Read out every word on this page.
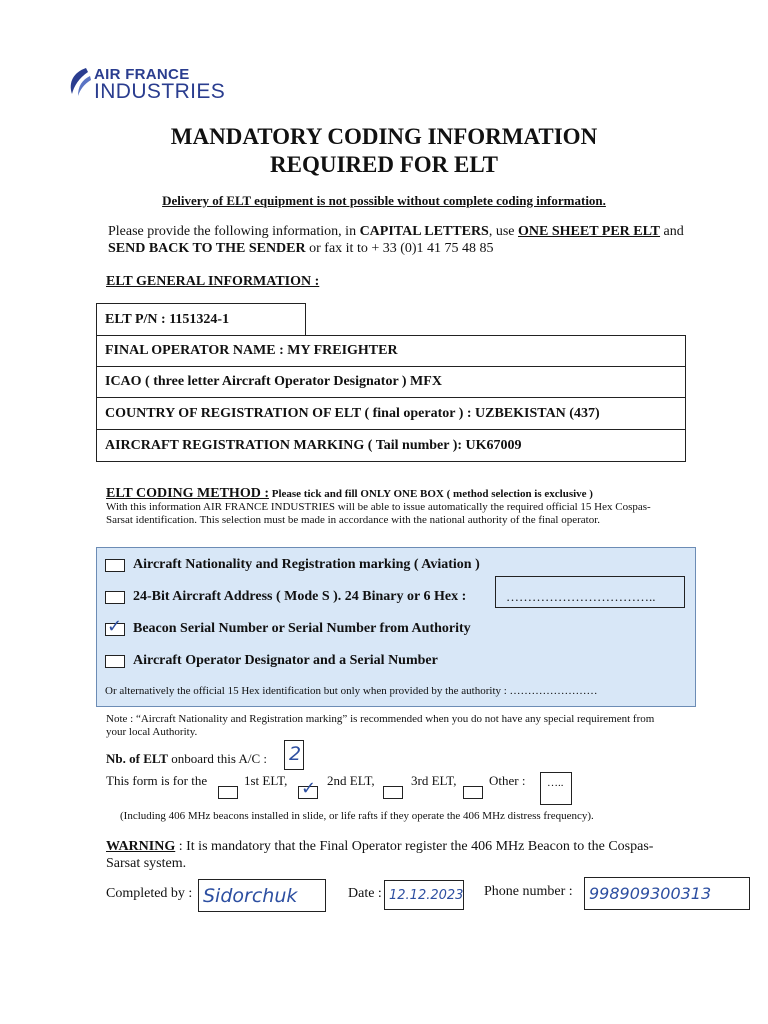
AIR FRANCE
INDUSTRIES
MANDATORY CODING INFORMATION
REQUIRED FOR ELT
Delivery of ELT equipment is not possible without complete coding information.
Please provide the following information, in CAPITAL LETTERS, use ONE SHEET PER ELT and SEND BACK TO THE SENDER or fax it to + 33 (0)1 41 75 48 85
ELT GENERAL INFORMATION :
ELT P/N : 1151324-1
FINAL OPERATOR NAME : MY FREIGHTER
ICAO ( three letter Aircraft Operator Designator ) MFX
COUNTRY OF REGISTRATION OF ELT ( final operator ) : UZBEKISTAN (437)
AIRCRAFT REGISTRATION MARKING ( Tail number ): UK67009
ELT CODING METHOD : Please tick and fill ONLY ONE BOX ( method selection is exclusive )
With this information AIR FRANCE INDUSTRIES will be able to issue automatically the required official 15 Hex Cospas-Sarsat identification. This selection must be made in accordance with the national authority of the final operator.
Aircraft Nationality and Registration marking ( Aviation )
24-Bit Aircraft Address ( Mode S ). 24 Binary or 6 Hex :	……………………………..
✓ Beacon Serial Number or Serial Number from Authority
Aircraft Operator Designator and a Serial Number
Or alternatively the official 15 Hex identification but only when provided by the authority : ……………………
Note : “Aircraft Nationality and Registration marking” is recommended when you do not have any special requirement from your local Authority.
Nb. of ELT onboard this A/C : 2
This form is for the	1st ELT, ✓ 2nd ELT,	3rd ELT,	Other : …..
(Including 406 MHz beacons installed in slide, or life rafts if they operate the 406 MHz distress frequency).
WARNING : It is mandatory that the Final Operator register the 406 MHz Beacon to the Cospas-Sarsat system.
Completed by : Sidorchuk	Date : 12.12.2023 Phone number : 998909300313
